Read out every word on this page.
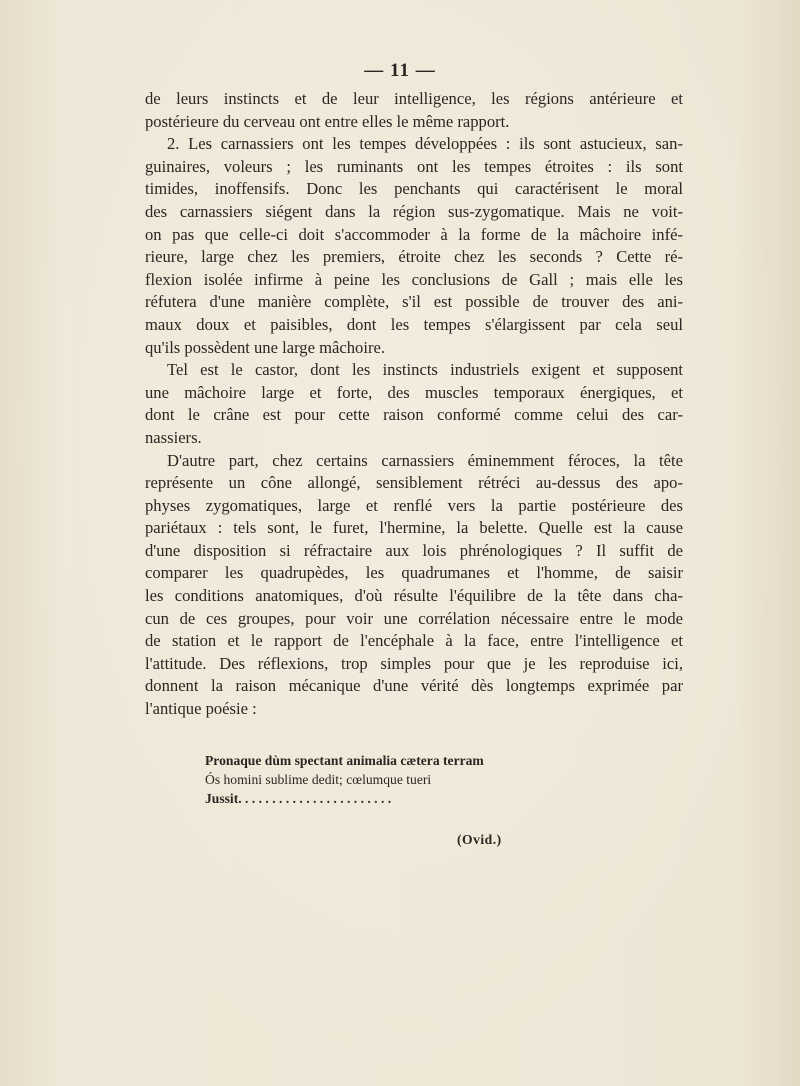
— 11 —
de leurs instincts et de leur intelligence, les régions antérieure et
postérieure du cerveau ont entre elles le même rapport.
2. Les carnassiers ont les tempes développées : ils sont astucieux, san-
guinaires, voleurs ; les ruminants ont les tempes étroites : ils sont
timides, inoffensifs. Donc les penchants qui caractérisent le moral
des carnassiers siégent dans la région sus-zygomatique. Mais ne voit-
on pas que celle-ci doit s'accommoder à la forme de la mâchoire infé-
rieure, large chez les premiers, étroite chez les seconds ? Cette ré-
flexion isolée infirme à peine les conclusions de Gall ; mais elle les
réfutera d'une manière complète, s'il est possible de trouver des ani-
maux doux et paisibles, dont les tempes s'élargissent par cela seul
qu'ils possèdent une large mâchoire.
Tel est le castor, dont les instincts industriels exigent et supposent
une mâchoire large et forte, des muscles temporaux énergiques, et
dont le crâne est pour cette raison conformé comme celui des car-
nassiers.
D'autre part, chez certains carnassiers éminemment féroces, la tête
représente un cône allongé, sensiblement rétréci au-dessus des apo-
physes zygomatiques, large et renflé vers la partie postérieure des
pariétaux : tels sont, le furet, l'hermine, la belette. Quelle est la cause
d'une disposition si réfractaire aux lois phrénologiques ? Il suffit de
comparer les quadrupèdes, les quadrumanes et l'homme, de saisir
les conditions anatomiques, d'où résulte l'équilibre de la tête dans cha-
cun de ces groupes, pour voir une corrélation nécessaire entre le mode
de station et le rapport de l'encéphale à la face, entre l'intelligence et
l'attitude. Des réflexions, trop simples pour que je les reproduise ici,
donnent la raison mécanique d'une vérité dès longtemps exprimée par
l'antique poésie :
Pronaque dùm spectant animalia cætera terram
Ós homini sublime dedit; cœlumque tueri
Jussit. . . . . . . . . . . . . . . . . . . . . . .
(Ovid.)
